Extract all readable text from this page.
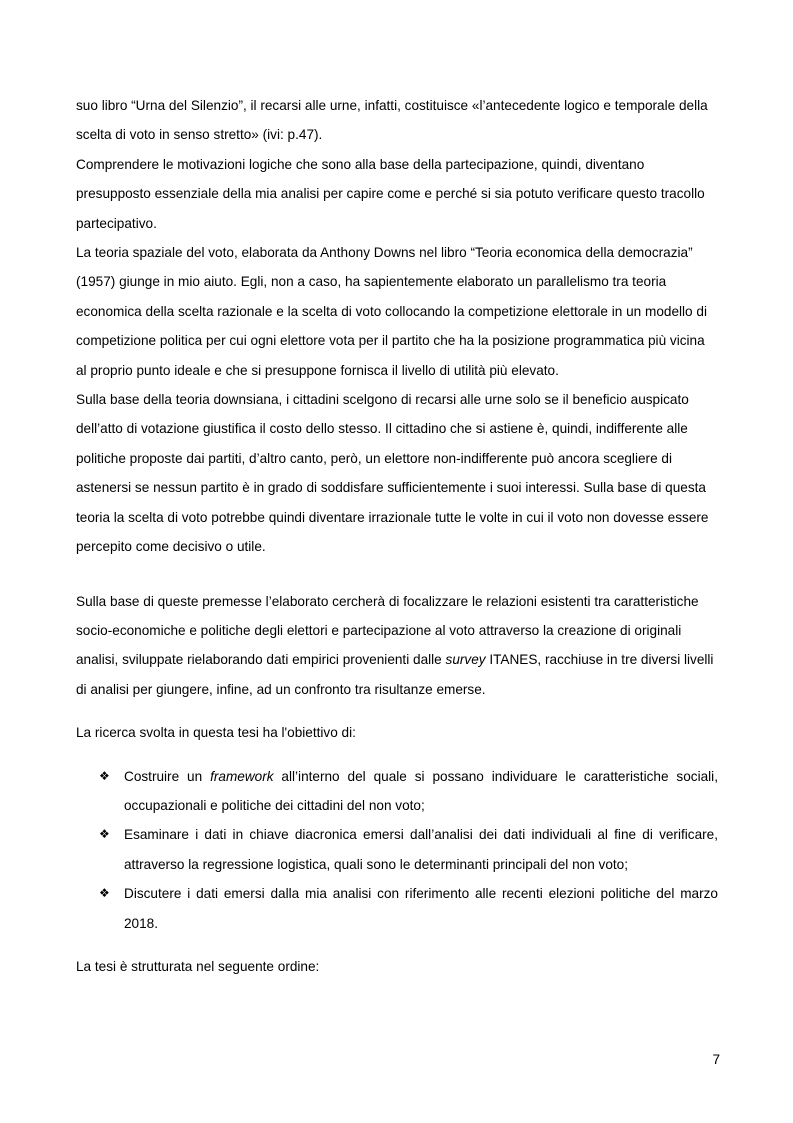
suo libro “Urna del Silenzio”, il recarsi alle urne, infatti, costituisce «l’antecedente logico e temporale della scelta di voto in senso stretto» (ivi: p.47).

Comprendere le motivazioni logiche che sono alla base della partecipazione, quindi, diventano presupposto essenziale della mia analisi per capire come e perché si sia potuto verificare questo tracollo partecipativo.

La teoria spaziale del voto, elaborata da Anthony Downs nel libro “Teoria economica della democrazia” (1957) giunge in mio aiuto. Egli, non a caso, ha sapientemente elaborato un parallelismo tra teoria economica della scelta razionale e la scelta di voto collocando la competizione elettorale in un modello di competizione politica per cui ogni elettore vota per il partito che ha la posizione programmatica più vicina al proprio punto ideale e che si presuppone fornisca il livello di utilità più elevato.

Sulla base della teoria downsiana, i cittadini scelgono di recarsi alle urne solo se il beneficio auspicato dell’atto di votazione giustifica il costo dello stesso. Il cittadino che si astiene è, quindi, indifferente alle politiche proposte dai partiti, d’altro canto, però, un elettore non-indifferente può ancora scegliere di astenersi se nessun partito è in grado di soddisfare sufficientemente i suoi interessi. Sulla base di questa teoria la scelta di voto potrebbe quindi diventare irrazionale tutte le volte in cui il voto non dovesse essere percepito come decisivo o utile.

Sulla base di queste premesse l’elaborato cercherà di focalizzare le relazioni esistenti tra caratteristiche socio-economiche e politiche degli elettori e partecipazione al voto attraverso la creazione di originali analisi, sviluppate rielaborando dati empirici provenienti dalle survey ITANES, racchiuse in tre diversi livelli di analisi per giungere, infine, ad un confronto tra risultanze emerse.

La ricerca svolta in questa tesi ha l'obiettivo di:

❖ Costruire un framework all’interno del quale si possano individuare le caratteristiche sociali, occupazionali e politiche dei cittadini del non voto;
❖ Esaminare i dati in chiave diacronica emersi dall’analisi dei dati individuali al fine di verificare, attraverso la regressione logistica, quali sono le determinanti principali del non voto;
❖ Discutere i dati emersi dalla mia analisi con riferimento alle recenti elezioni politiche del marzo 2018.

La tesi è strutturata nel seguente ordine:

7
